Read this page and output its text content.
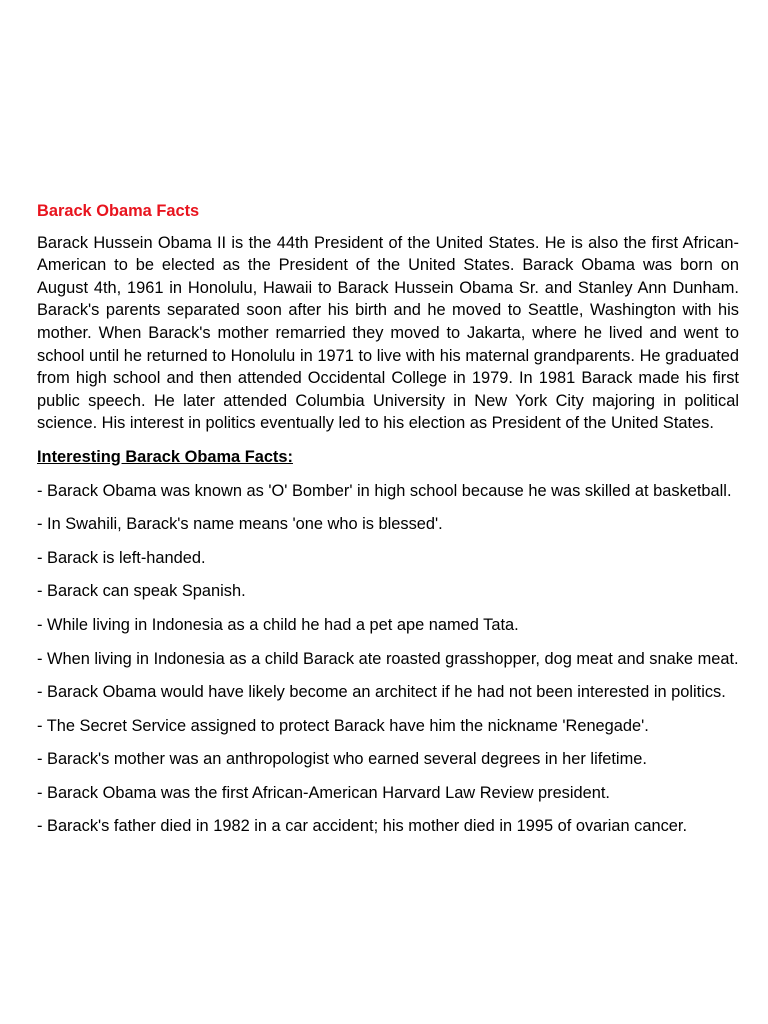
Barack Obama Facts
Barack Hussein Obama II is the 44th President of the United States. He is also the first African-American to be elected as the President of the United States. Barack Obama was born on August 4th, 1961 in Honolulu, Hawaii to Barack Hussein Obama Sr. and Stanley Ann Dunham. Barack's parents separated soon after his birth and he moved to Seattle, Washington with his mother. When Barack's mother remarried they moved to Jakarta, where he lived and went to school until he returned to Honolulu in 1971 to live with his maternal grandparents. He graduated from high school and then attended Occidental College in 1979. In 1981 Barack made his first public speech. He later attended Columbia University in New York City majoring in political science. His interest in politics eventually led to his election as President of the United States.
Interesting Barack Obama Facts:
- Barack Obama was known as 'O' Bomber' in high school because he was skilled at basketball.
- In Swahili, Barack's name means 'one who is blessed'.
- Barack is left-handed.
- Barack can speak Spanish.
- While living in Indonesia as a child he had a pet ape named Tata.
- When living in Indonesia as a child Barack ate roasted grasshopper, dog meat and snake meat.
- Barack Obama would have likely become an architect if he had not been interested in politics.
- The Secret Service assigned to protect Barack have him the nickname 'Renegade'.
- Barack's mother was an anthropologist who earned several degrees in her lifetime.
- Barack Obama was the first African-American Harvard Law Review president.
- Barack's father died in 1982 in a car accident; his mother died in 1995 of ovarian cancer.
